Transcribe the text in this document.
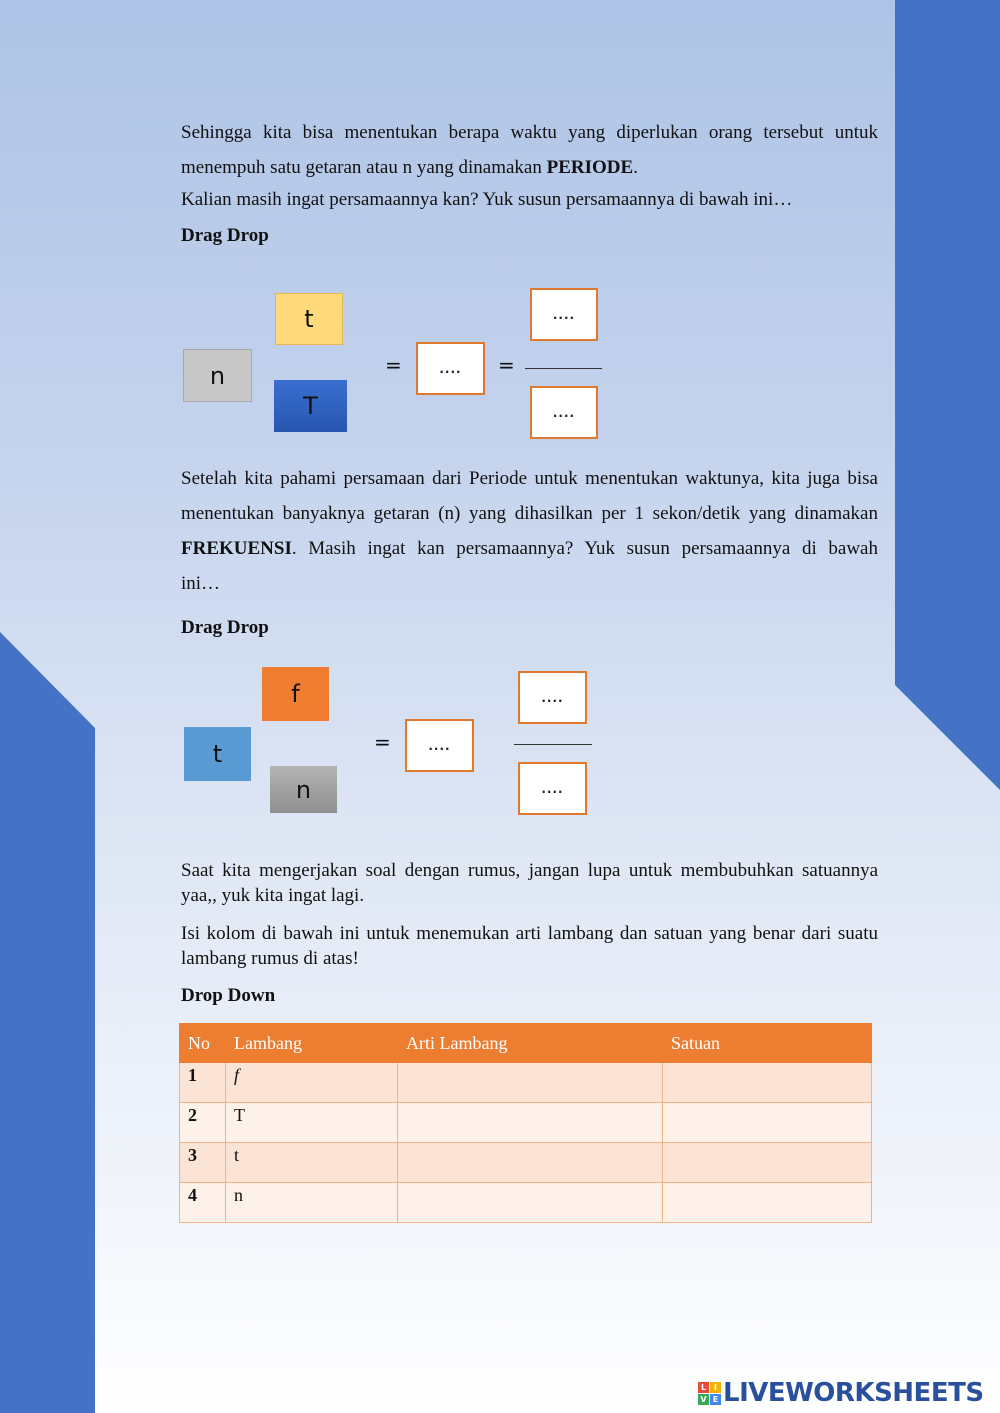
Sehingga kita bisa menentukan berapa waktu yang diperlukan orang tersebut untuk
menempuh satu getaran atau n yang dinamakan PERIODE.
Kalian masih ingat persamaannya kan? Yuk susun persamaannya di bawah ini…
Drag Drop
t
n
T
=	....	=
....
....
Setelah kita pahami persamaan dari Periode untuk menentukan waktunya, kita juga bisa
menentukan banyaknya getaran (n) yang dihasilkan per 1 sekon/detik yang dinamakan
FREKUENSI. Masih ingat kan persamaannya? Yuk susun persamaannya di bawah
ini…
Drag Drop
f
t
n
=	....
....
....
Saat kita mengerjakan soal dengan rumus, jangan lupa untuk membubuhkan satuannya yaa,, yuk kita ingat lagi.
Isi kolom di bawah ini untuk menemukan arti lambang dan satuan yang benar dari suatu lambang rumus di atas!
Drop Down
No	Lambang	Arti Lambang	Satuan
1	f		
2	T		
3	t		
4	n		
L I
V E LIVEWORKSHEETS
